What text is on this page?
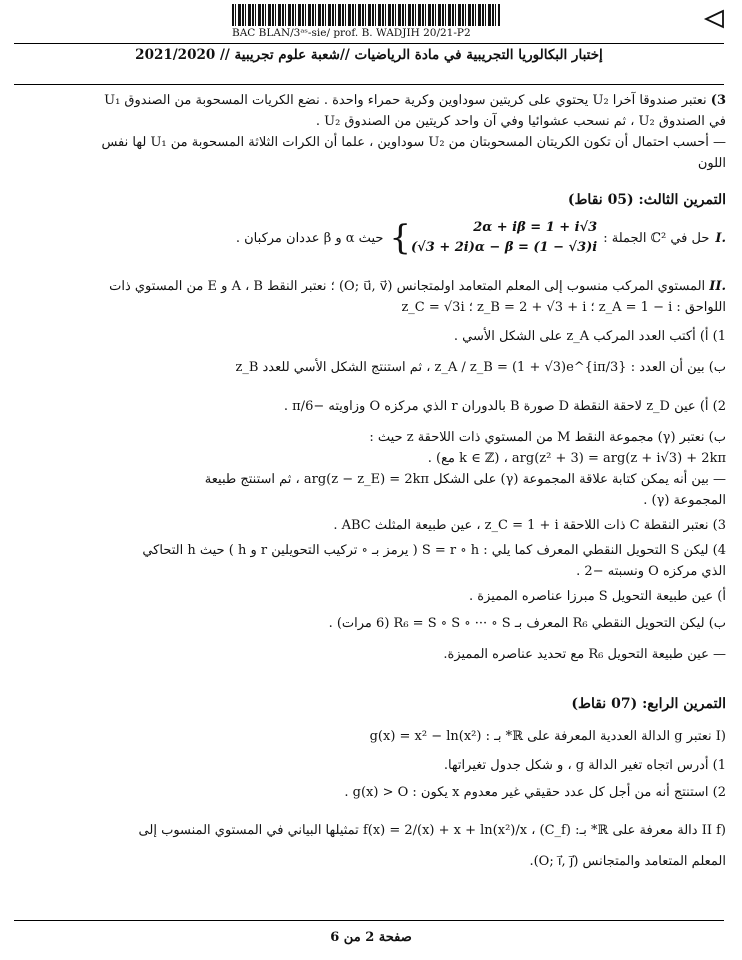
BAC BLAN/3ᵃˢ-sie/ prof. B. WADJIH 20/21-P2
إختبار البكالوريا التجريبية في مادة الرياضيات //شعبة علوم تجريبية // 2021/2020
3) نعتبر صندوقا آخرا U₂ يحتوي على كريتين سوداوين وكرية حمراء واحدة . نضع الكريات المسحوبة من الصندوق U₁
في الصندوق U₂ ، ثم نسحب عشوائيا وفي آن واحد كريتين من الصندوق U₂ .
— أحسب احتمال أن تكون الكريتان المسحوبتان من U₂ سوداوين ، علما أن الكرات الثلاثة المسحوبة من U₁ لها نفس
اللون
التمرين الثالث: (05 نقاط)
I.
حل في ℂ² الجملة :
{	2α + iβ = 1 + i√3
(√3 + 2i)α − β = (1 − √3)i
حيث α و β عددان مركبان .
II. المستوي المركب منسوب إلى المعلم المتعامد اولمتجانس (O; u⃗, v⃗) ؛ نعتبر النقط A ، B و E من المستوي ذات
اللواحق : z_A = 1 − i ؛ z_B = 2 + √3 + i ؛ z_C = √3i
1) أ) أكتب العدد المركب z_A على الشكل الأسي .
ب) بين أن العدد : z_A / z_B = (1 + √3)e^{iπ/3} ، ثم استنتج الشكل الأسي للعدد z_B
2) أ) عين z_D لاحقة النقطة D صورة B بالدوران r الذي مركزه O وزاويته −π/6 .
ب) نعتبر (γ) مجموعة النقط M من المستوي ذات اللاحقة z حيث :
arg(z² + 3) = arg(z + i√3) + 2kπ ، (k ∈ ℤ مع) .
— بين أنه يمكن كتابة علاقة المجموعة (γ) على الشكل arg(z − z_E) = 2kπ ، ثم استنتج طبيعة
المجموعة (γ) .
3) نعتبر النقطة C ذات اللاحقة z_C = 1 + i ، عين طبيعة المثلث ABC .
4) ليكن S التحويل النقطي المعرف كما يلي : S = r ∘ h ( يرمز بـ ∘ تركيب التحويلين r و h ) حيث h التحاكي
الذي مركزه O ونسبته −2 .
أ) عين طبيعة التحويل S مبرزا عناصره المميزة .
ب) ليكن التحويل النقطي R₆ المعرف بـ R₆ = S ∘ S ∘ ··· ∘ S (6 مرات) .
— عين طبيعة التحويل R₆ مع تحديد عناصره المميزة.
التمرين الرابع: (07 نقاط)
(I نعتبر g الدالة العددية المعرفة على ℝ* بـ : g(x) = x² − ln(x²)
1) أدرس اتجاه تغير الدالة g ، و شكل جدول تغيراتها.
2) استنتج أنه من أجل كل عدد حقيقي غير معدوم x يكون : g(x) > O .
(II f دالة معرفة على ℝ* بـ: f(x) = 2/(x) + x + ln(x²)/x ، (C_f) تمثيلها البياني في المستوي المنسوب إلى
المعلم المتعامد والمتجانس (O; i⃗, j⃗).
صفحة 2 من 6
